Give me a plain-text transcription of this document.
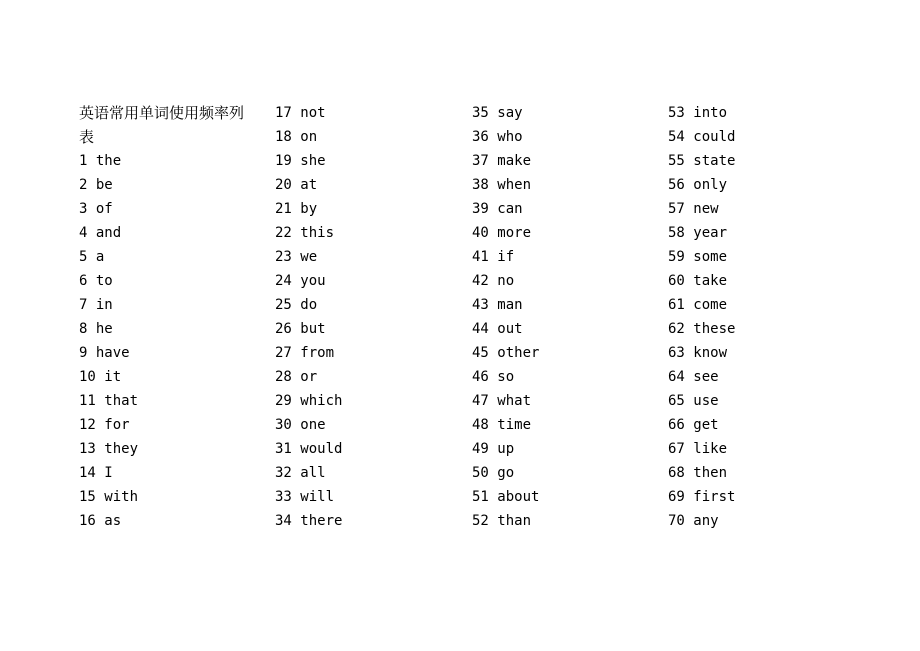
英语常用单词使用频率列
表
1 the
2 be
3 of
4 and
5 a
6 to
7 in
8 he
9 have
10 it
11 that
12 for
13 they
14 I
15 with
16 as
17 not
18 on
19 she
20 at
21 by
22 this
23 we
24 you
25 do
26 but
27 from
28 or
29 which
30 one
31 would
32 all
33 will
34 there
35 say
36 who
37 make
38 when
39 can
40 more
41 if
42 no
43 man
44 out
45 other
46 so
47 what
48 time
49 up
50 go
51 about
52 than
53 into
54 could
55 state
56 only
57 new
58 year
59 some
60 take
61 come
62 these
63 know
64 see
65 use
66 get
67 like
68 then
69 first
70 any
